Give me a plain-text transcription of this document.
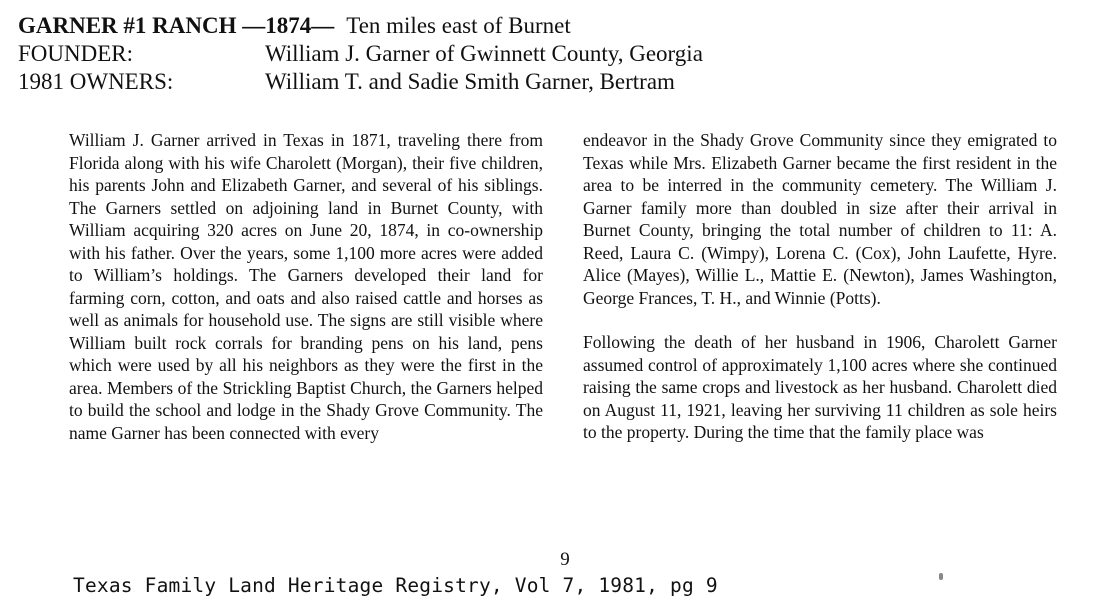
GARNER #1 RANCH —1874— Ten miles east of Burnet
FOUNDER:	William J. Garner of Gwinnett County, Georgia
1981 OWNERS:	William T. and Sadie Smith Garner, Bertram

William J. Garner arrived in Texas in 1871, traveling there from Florida along with his wife Charolett (Morgan), their five children, his parents John and Elizabeth Garner, and several of his siblings. The Garners settled on adjoining land in Burnet County, with William acquiring 320 acres on June 20, 1874, in co-ownership with his father. Over the years, some 1,100 more acres were added to William’s holdings. The Garners developed their land for farming corn, cotton, and oats and also raised cattle and horses as well as animals for household use. The signs are still visible where William built rock corrals for branding pens on his land, pens which were used by all his neighbors as they were the first in the area. Members of the Strickling Baptist Church, the Garners helped to build the school and lodge in the Shady Grove Community. The name Garner has been connected with every

endeavor in the Shady Grove Community since they emigrated to Texas while Mrs. Elizabeth Garner became the first resident in the area to be interred in the community cemetery. The William J. Garner family more than doubled in size after their arrival in Burnet County, bringing the total number of children to 11: A. Reed, Laura C. (Wimpy), Lorena C. (Cox), John Laufette, Hyre. Alice (Mayes), Willie L., Mattie E. (Newton), James Washington, George Frances, T. H., and Winnie (Potts).

Following the death of her husband in 1906, Charolett Garner assumed control of approximately 1,100 acres where she continued raising the same crops and livestock as her husband. Charolett died on August 11, 1921, leaving her surviving 11 children as sole heirs to the property. During the time that the family place was

9
Texas Family Land Heritage Registry, Vol 7, 1981, pg 9
